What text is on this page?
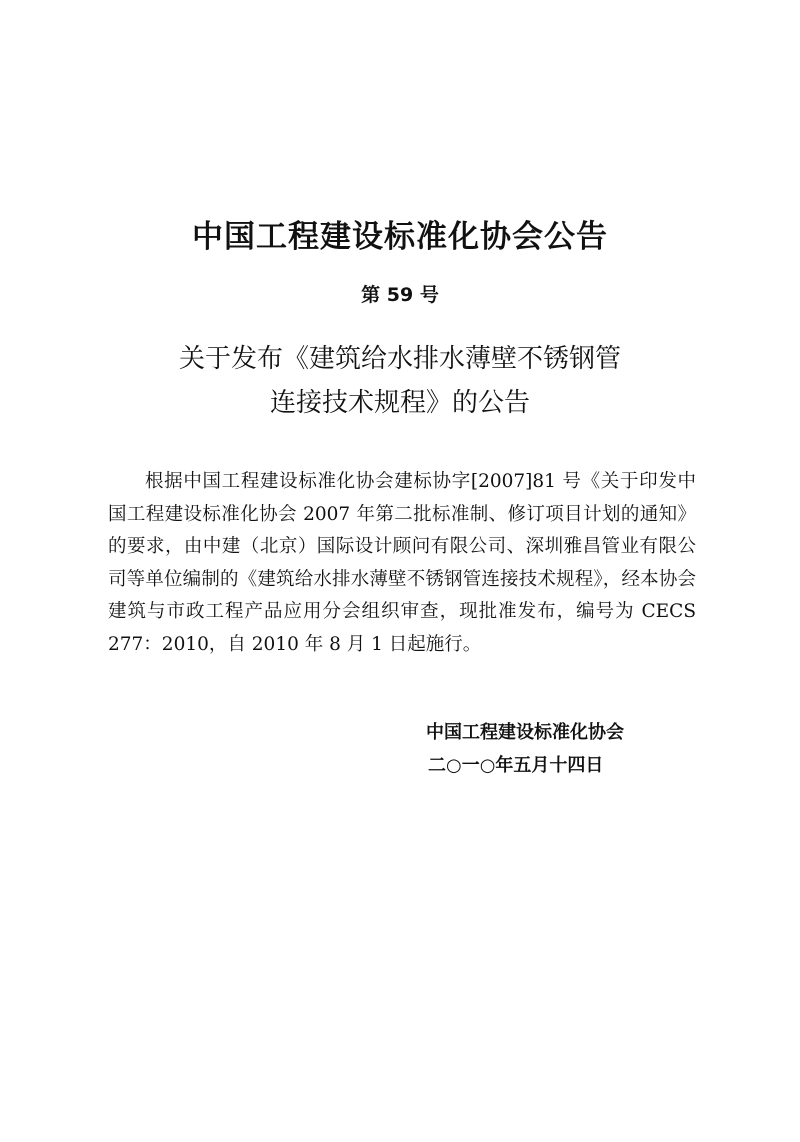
中国工程建设标准化协会公告
第 59 号
关于发布《建筑给水排水薄壁不锈钢管
连接技术规程》的公告

根据中国工程建设标准化协会建标协字[2007]81 号《关于印发中国工程建设标准化协会 2007 年第二批标准制、修订项目计划的通知》的要求，由中建（北京）国际设计顾问有限公司、深圳雅昌管业有限公司等单位编制的《建筑给水排水薄壁不锈钢管连接技术规程》，经本协会建筑与市政工程产品应用分会组织审查，现批准发布，编号为 CECS 277：2010，自 2010 年 8 月 1 日起施行。

中国工程建设标准化协会
二○一○年五月十四日
